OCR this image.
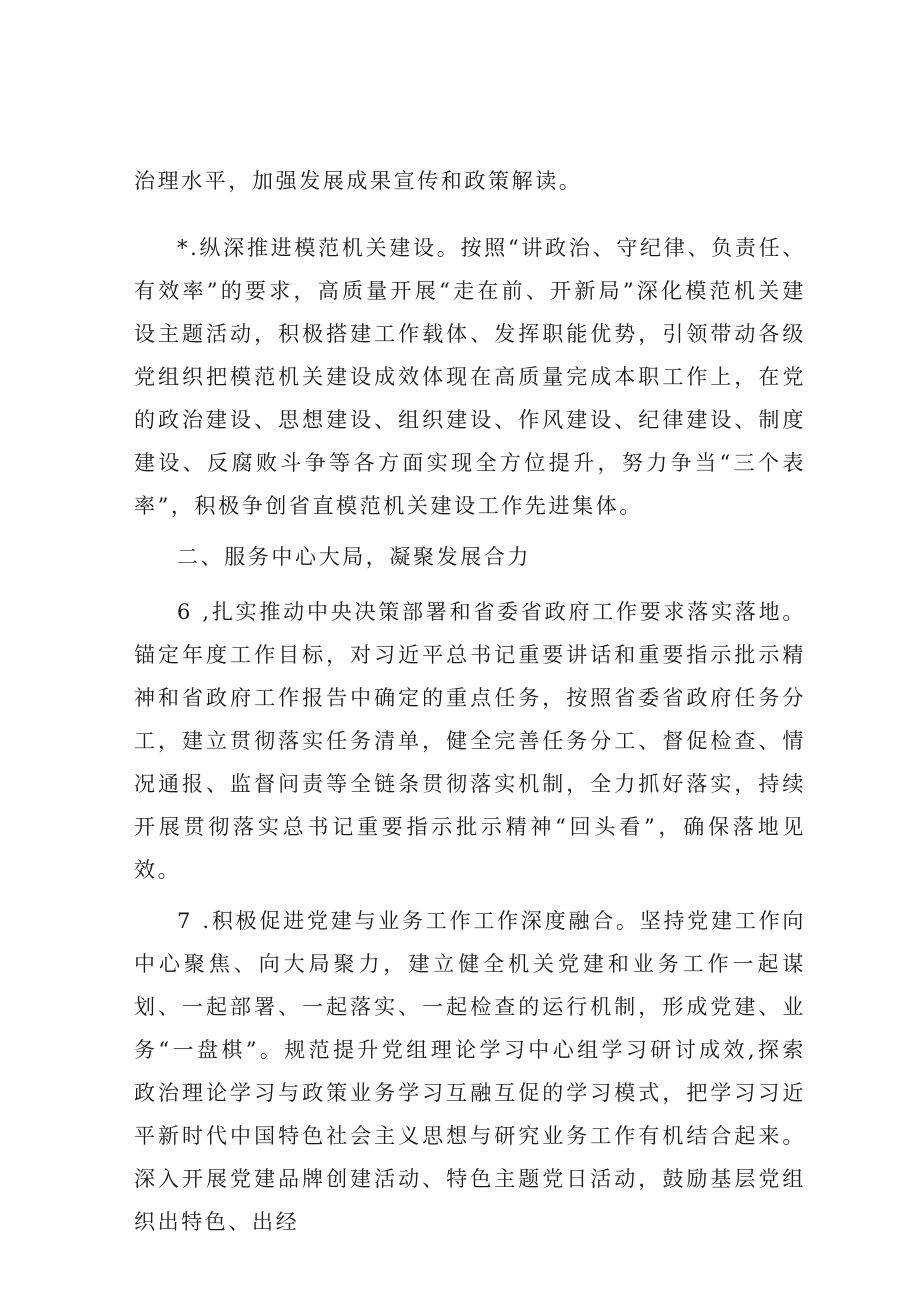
治理水平，加强发展成果宣传和政策解读。

*.纵深推进模范机关建设。按照“讲政治、守纪律、负责任、有效率”的要求，高质量开展“走在前、开新局”深化模范机关建设主题活动，积极搭建工作载体、发挥职能优势，引领带动各级党组织把模范机关建设成效体现在高质量完成本职工作上，在党的政治建设、思想建设、组织建设、作风建设、纪律建设、制度建设、反腐败斗争等各方面实现全方位提升，努力争当“三个表率”，积极争创省直模范机关建设工作先进集体。

二、服务中心大局，凝聚发展合力

6 ,扎实推动中央决策部署和省委省政府工作要求落实落地。锚定年度工作目标，对习近平总书记重要讲话和重要指示批示精神和省政府工作报告中确定的重点任务，按照省委省政府任务分工，建立贯彻落实任务清单，健全完善任务分工、督促检查、情况通报、监督问责等全链条贯彻落实机制，全力抓好落实，持续开展贯彻落实总书记重要指示批示精神“回头看”，确保落地见效。

7 .积极促进党建与业务工作工作深度融合。坚持党建工作向中心聚焦、向大局聚力，建立健全机关党建和业务工作一起谋划、一起部署、一起落实、一起检查的运行机制，形成党建、业务“一盘棋”。规范提升党组理论学习中心组学习研讨成效,探索政治理论学习与政策业务学习互融互促的学习模式，把学习习近平新时代中国特色社会主义思想与研究业务工作有机结合起来。深入开展党建品牌创建活动、特色主题党日活动，鼓励基层党组织出特色、出经
